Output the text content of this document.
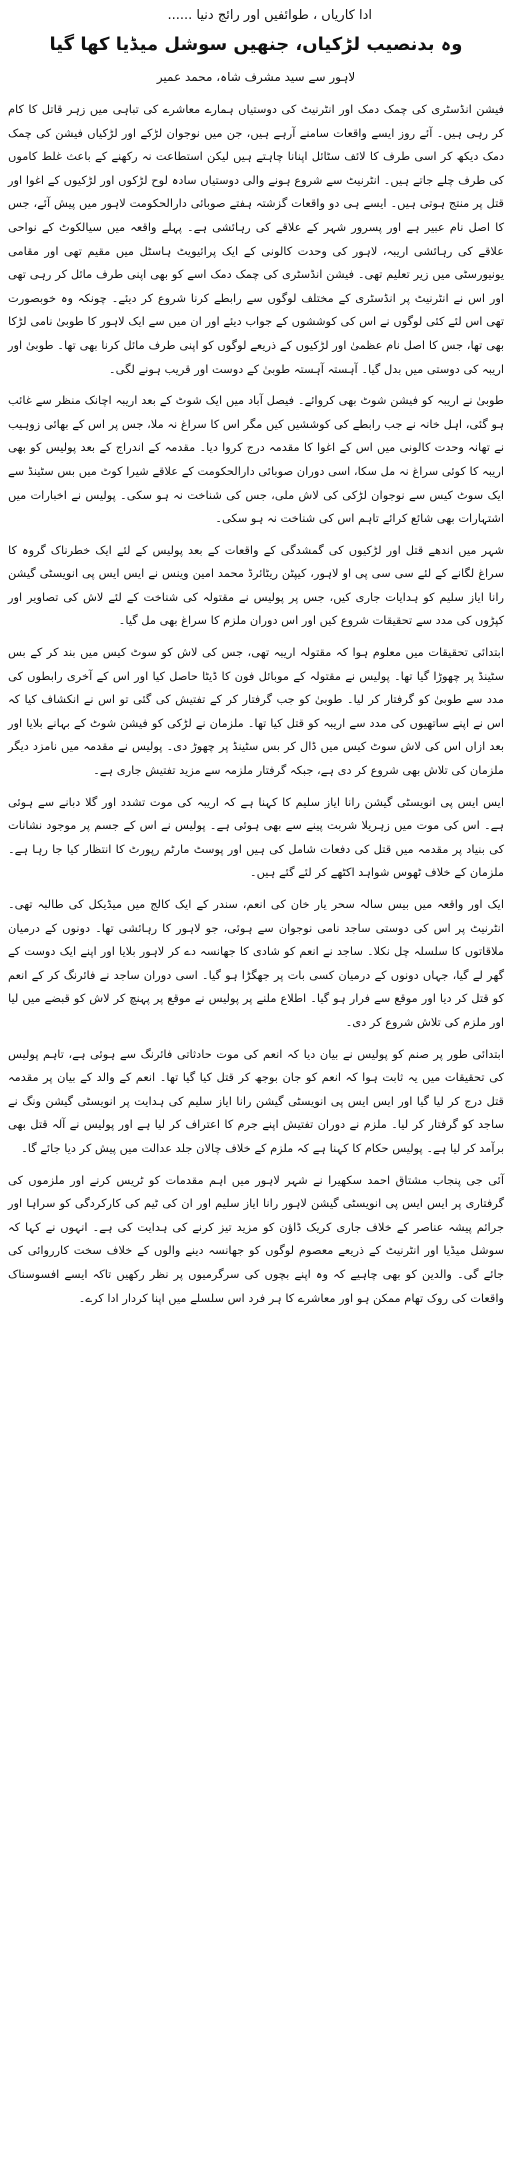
ادا کاریاں ، طوائفیں اور رائج دنیا ......
وہ بدنصیب لڑکیاں، جنھیں سوشل میڈیا کھا گیا
لاہور سے سید مشرف شاہ، محمد عمیر

فیشن انڈسٹری کی چمک دمک اور انٹرنیٹ کی دوستیاں ہمارے معاشرے کی تباہی میں زہر قاتل کا کام کر رہی ہیں۔ آئے روز ایسے واقعات سامنے آرہے ہیں، جن میں نوجوان لڑکے اور لڑکیاں فیشن کی چمک دمک دیکھ کر اسی طرف کا لائف سٹائل اپنانا چاہتے ہیں لیکن استطاعت نہ رکھنے کے باعث غلط کاموں کی طرف چلے جاتے ہیں۔ انٹرنیٹ سے شروع ہونے والی دوستیاں سادہ لوح لڑکوں اور لڑکیوں کے اغوا اور قتل پر منتج ہوتی ہیں۔ ایسے ہی دو واقعات گزشتہ ہفتے صوبائی دارالحکومت لاہور میں پیش آئے، جس کا اصل نام عبیر ہے اور پسرور شہر کے علاقے کی رہائشی ہے۔ پہلے واقعہ میں سیالکوٹ کے نواحی علاقے کی رہائشی اریبہ، لاہور کی وحدت کالونی کے ایک پرائیویٹ ہاسٹل میں مقیم تھی اور مقامی یونیورسٹی میں زیر تعلیم تھی۔ فیشن انڈسٹری کی چمک دمک اسے کو بھی اپنی طرف مائل کر رہی تھی اور اس نے انٹرنیٹ پر انڈسٹری کے مختلف لوگوں سے رابطے کرنا شروع کر دیئے۔ چونکہ وہ خوبصورت تھی اس لئے کئی لوگوں نے اس کی کوششوں کے جواب دیئے اور ان میں سے ایک لاہور کا طوبیٰ نامی لڑکا بھی تھا، جس کا اصل نام عظمیٰ اور لڑکیوں کے ذریعے لوگوں کو اپنی طرف مائل کرنا بھی تھا۔ طوبیٰ اور اریبہ کی دوستی میں بدل گیا۔ آہستہ آہستہ طوبیٰ کے دوست اور قریب ہونے لگی۔

طوبیٰ نے اریبہ کو فیشن شوٹ بھی کروائے۔ فیصل آباد میں ایک شوٹ کے بعد اریبہ اچانک منظر سے غائب ہو گئی، اہل خانہ نے جب رابطے کی کوششیں کیں مگر اس کا سراغ نہ ملا، جس پر اس کے بھائی زوہیب نے تھانہ وحدت کالونی میں اس کے اغوا کا مقدمہ درج کروا دیا۔ مقدمہ کے اندراج کے بعد پولیس کو بھی اریبہ کا کوئی سراغ نہ مل سکا، اسی دوران صوبائی دارالحکومت کے علاقے شیرا کوٹ میں بس سٹینڈ سے ایک سوٹ کیس سے نوجوان لڑکی کی لاش ملی، جس کی شناخت نہ ہو سکی۔ پولیس نے اخبارات میں اشتہارات بھی شائع کرائے تاہم اس کی شناخت نہ ہو سکی۔

شہر میں اندھے قتل اور لڑکیوں کی گمشدگی کے واقعات کے بعد پولیس کے لئے ایک خطرناک گروہ کا سراغ لگانے کے لئے سی سی پی او لاہور، کیپٹن ریٹائرڈ محمد امین وینس نے ایس ایس پی انویسٹی گیشن رانا ایاز سلیم کو ہدایات جاری کیں، جس پر پولیس نے مقتولہ کی شناخت کے لئے لاش کی تصاویر اور کپڑوں کی مدد سے تحقیقات شروع کیں اور اس دوران ملزم کا سراغ بھی مل گیا۔

ابتدائی تحقیقات میں معلوم ہوا کہ مقتولہ اریبہ تھی، جس کی لاش کو سوٹ کیس میں بند کر کے بس سٹینڈ پر چھوڑا گیا تھا۔ پولیس نے مقتولہ کے موبائل فون کا ڈیٹا حاصل کیا اور اس کے آخری رابطوں کی مدد سے طوبیٰ کو گرفتار کر لیا۔ طوبیٰ کو جب گرفتار کر کے تفتیش کی گئی تو اس نے انکشاف کیا کہ اس نے اپنے ساتھیوں کی مدد سے اریبہ کو قتل کیا تھا۔ ملزمان نے لڑکی کو فیشن شوٹ کے بہانے بلایا اور بعد ازاں اس کی لاش سوٹ کیس میں ڈال کر بس سٹینڈ پر چھوڑ دی۔ پولیس نے مقدمہ میں نامزد دیگر ملزمان کی تلاش بھی شروع کر دی ہے، جبکہ گرفتار ملزمہ سے مزید تفتیش جاری ہے۔

ایس ایس پی انویسٹی گیشن رانا ایاز سلیم کا کہنا ہے کہ اریبہ کی موت تشدد اور گلا دبانے سے ہوئی ہے۔ اس کی موت میں زہریلا شربت پینے سے بھی ہوئی ہے۔ پولیس نے اس کے جسم پر موجود نشانات کی بنیاد پر مقدمہ میں قتل کی دفعات شامل کی ہیں اور پوسٹ مارٹم رپورٹ کا انتظار کیا جا رہا ہے۔ ملزمان کے خلاف ٹھوس شواہد اکٹھے کر لئے گئے ہیں۔

ایک اور واقعہ میں بیس سالہ سحر یار خان کی انعم، سندر کے ایک کالج میں میڈیکل کی طالبہ تھی۔ انٹرنیٹ پر اس کی دوستی ساجد نامی نوجوان سے ہوئی، جو لاہور کا رہائشی تھا۔ دونوں کے درمیان ملاقاتوں کا سلسلہ چل نکلا۔ ساجد نے انعم کو شادی کا جھانسہ دے کر لاہور بلایا اور اپنے ایک دوست کے گھر لے گیا، جہاں دونوں کے درمیان کسی بات پر جھگڑا ہو گیا۔ اسی دوران ساجد نے فائرنگ کر کے انعم کو قتل کر دیا اور موقع سے فرار ہو گیا۔ اطلاع ملنے پر پولیس نے موقع پر پہنچ کر لاش کو قبضے میں لیا اور ملزم کی تلاش شروع کر دی۔

ابتدائی طور پر صنم کو پولیس نے بیان دیا کہ انعم کی موت حادثاتی فائرنگ سے ہوئی ہے، تاہم پولیس کی تحقیقات میں یہ ثابت ہوا کہ انعم کو جان بوجھ کر قتل کیا گیا تھا۔ انعم کے والد کے بیان پر مقدمہ قتل درج کر لیا گیا اور ایس ایس پی انویسٹی گیشن رانا ایاز سلیم کی ہدایت پر انویسٹی گیشن ونگ نے ساجد کو گرفتار کر لیا۔ ملزم نے دوران تفتیش اپنے جرم کا اعتراف کر لیا ہے اور پولیس نے آلہ قتل بھی برآمد کر لیا ہے۔ پولیس حکام کا کہنا ہے کہ ملزم کے خلاف چالان جلد عدالت میں پیش کر دیا جائے گا۔

آئی جی پنجاب مشتاق احمد سکھیرا نے شہر لاہور میں اہم مقدمات کو ٹریس کرنے اور ملزموں کی گرفتاری پر ایس ایس پی انویسٹی گیشن لاہور رانا ایاز سلیم اور ان کی ٹیم کی کارکردگی کو سراہا اور جرائم پیشہ عناصر کے خلاف جاری کریک ڈاؤن کو مزید تیز کرنے کی ہدایت کی ہے۔ انہوں نے کہا کہ سوشل میڈیا اور انٹرنیٹ کے ذریعے معصوم لوگوں کو جھانسہ دینے والوں کے خلاف سخت کارروائی کی جائے گی۔ والدین کو بھی چاہیے کہ وہ اپنے بچوں کی سرگرمیوں پر نظر رکھیں تاکہ ایسے افسوسناک واقعات کی روک تھام ممکن ہو اور معاشرے کا ہر فرد اس سلسلے میں اپنا کردار ادا کرے۔
